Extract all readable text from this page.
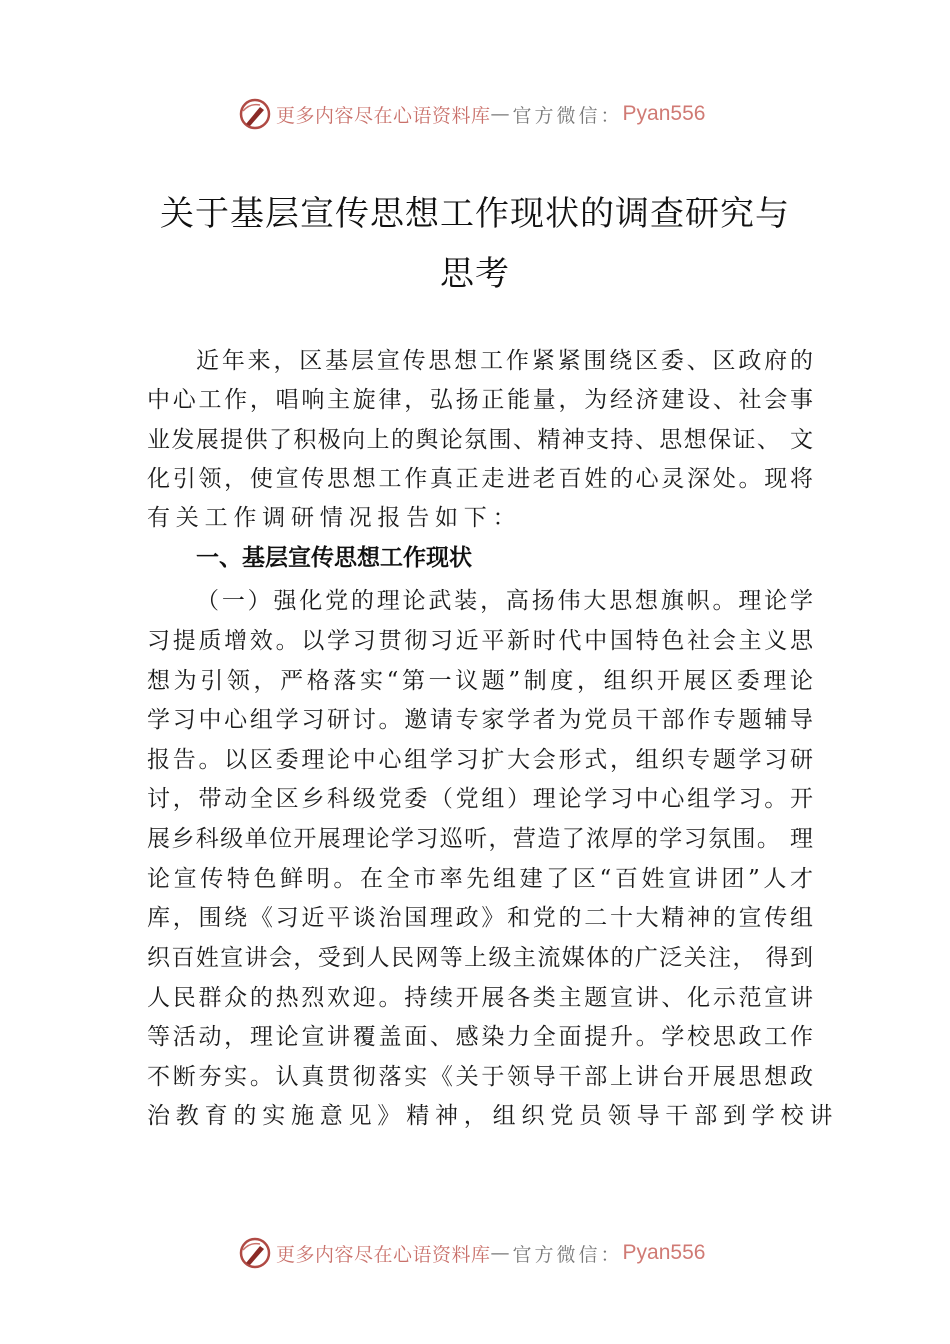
更多内容尽在心语资料库 — 官方微信： Pyan556
关于基层宣传思想工作现状的调查研究与
思考
近年来，区基层宣传思想工作紧紧围绕区委、区政府的
中心工作，唱响主旋律，弘扬正能量，为经济建设、社会事
业发展提供了积极向上的舆论氛围、精神支持、思想保证、 文
化引领，使宣传思想工作真正走进老百姓的心灵深处。现将
有关工作调研情况报告如下：
一、基层宣传思想工作现状
（一）强化党的理论武装，高扬伟大思想旗帜。理论学
习提质增效。以学习贯彻习近平新时代中国特色社会主义思
想为引领，严格落实“第一议题”制度，组织开展区委理论
学习中心组学习研讨。邀请专家学者为党员干部作专题辅导
报告。以区委理论中心组学习扩大会形式，组织专题学习研
讨，带动全区乡科级党委（党组）理论学习中心组学习。开
展乡科级单位开展理论学习巡听，营造了浓厚的学习氛围。 理
论宣传特色鲜明。在全市率先组建了区“百姓宣讲团”人才
库，围绕《习近平谈治国理政》和党的二十大精神的宣传组
织百姓宣讲会，受到人民网等上级主流媒体的广泛关注， 得到
人民群众的热烈欢迎。持续开展各类主题宣讲、化示范宣讲
等活动，理论宣讲覆盖面、感染力全面提升。学校思政工作
不断夯实。认真贯彻落实《关于领导干部上讲台开展思想政
治教育的实施意见》精神，组织党员领导干部到学校讲
更多内容尽在心语资料库 — 官方微信： Pyan556
